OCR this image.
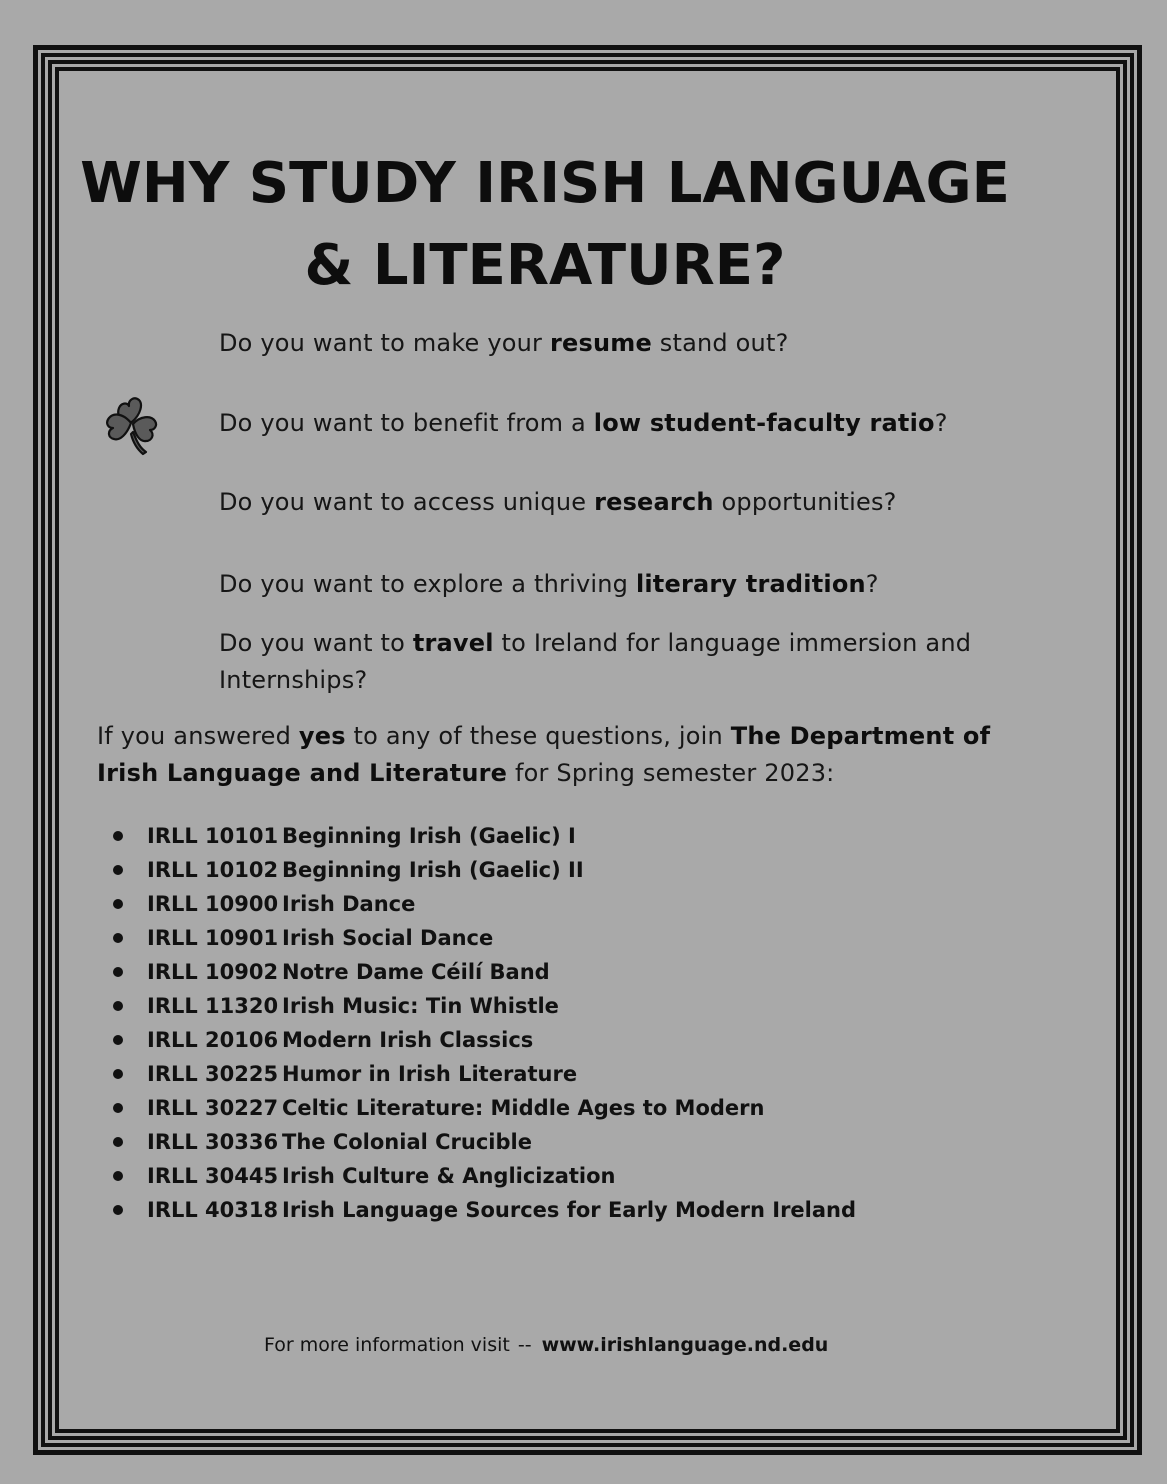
WHY STUDY IRISH LANGUAGE
& LITERATURE?

Do you want to make your resume stand out?

Do you want to benefit from a low student-faculty ratio?

Do you want to access unique research opportunities?

Do you want to explore a thriving literary tradition?

Do you want to travel to Ireland for language immersion and Internships?

If you answered yes to any of these questions, join The Department of Irish Language and Literature for Spring semester 2023:

IRLL 10101 Beginning Irish (Gaelic) I
IRLL 10102 Beginning Irish (Gaelic) II
IRLL 10900 Irish Dance
IRLL 10901 Irish Social Dance
IRLL 10902 Notre Dame Céilí Band
IRLL 11320 Irish Music: Tin Whistle
IRLL 20106 Modern Irish Classics
IRLL 30225 Humor in Irish Literature
IRLL 30227 Celtic Literature: Middle Ages to Modern
IRLL 30336 The Colonial Crucible
IRLL 30445 Irish Culture & Anglicization
IRLL 40318 Irish Language Sources for Early Modern Ireland
For more information visit -- www.irishlanguage.nd.edu
